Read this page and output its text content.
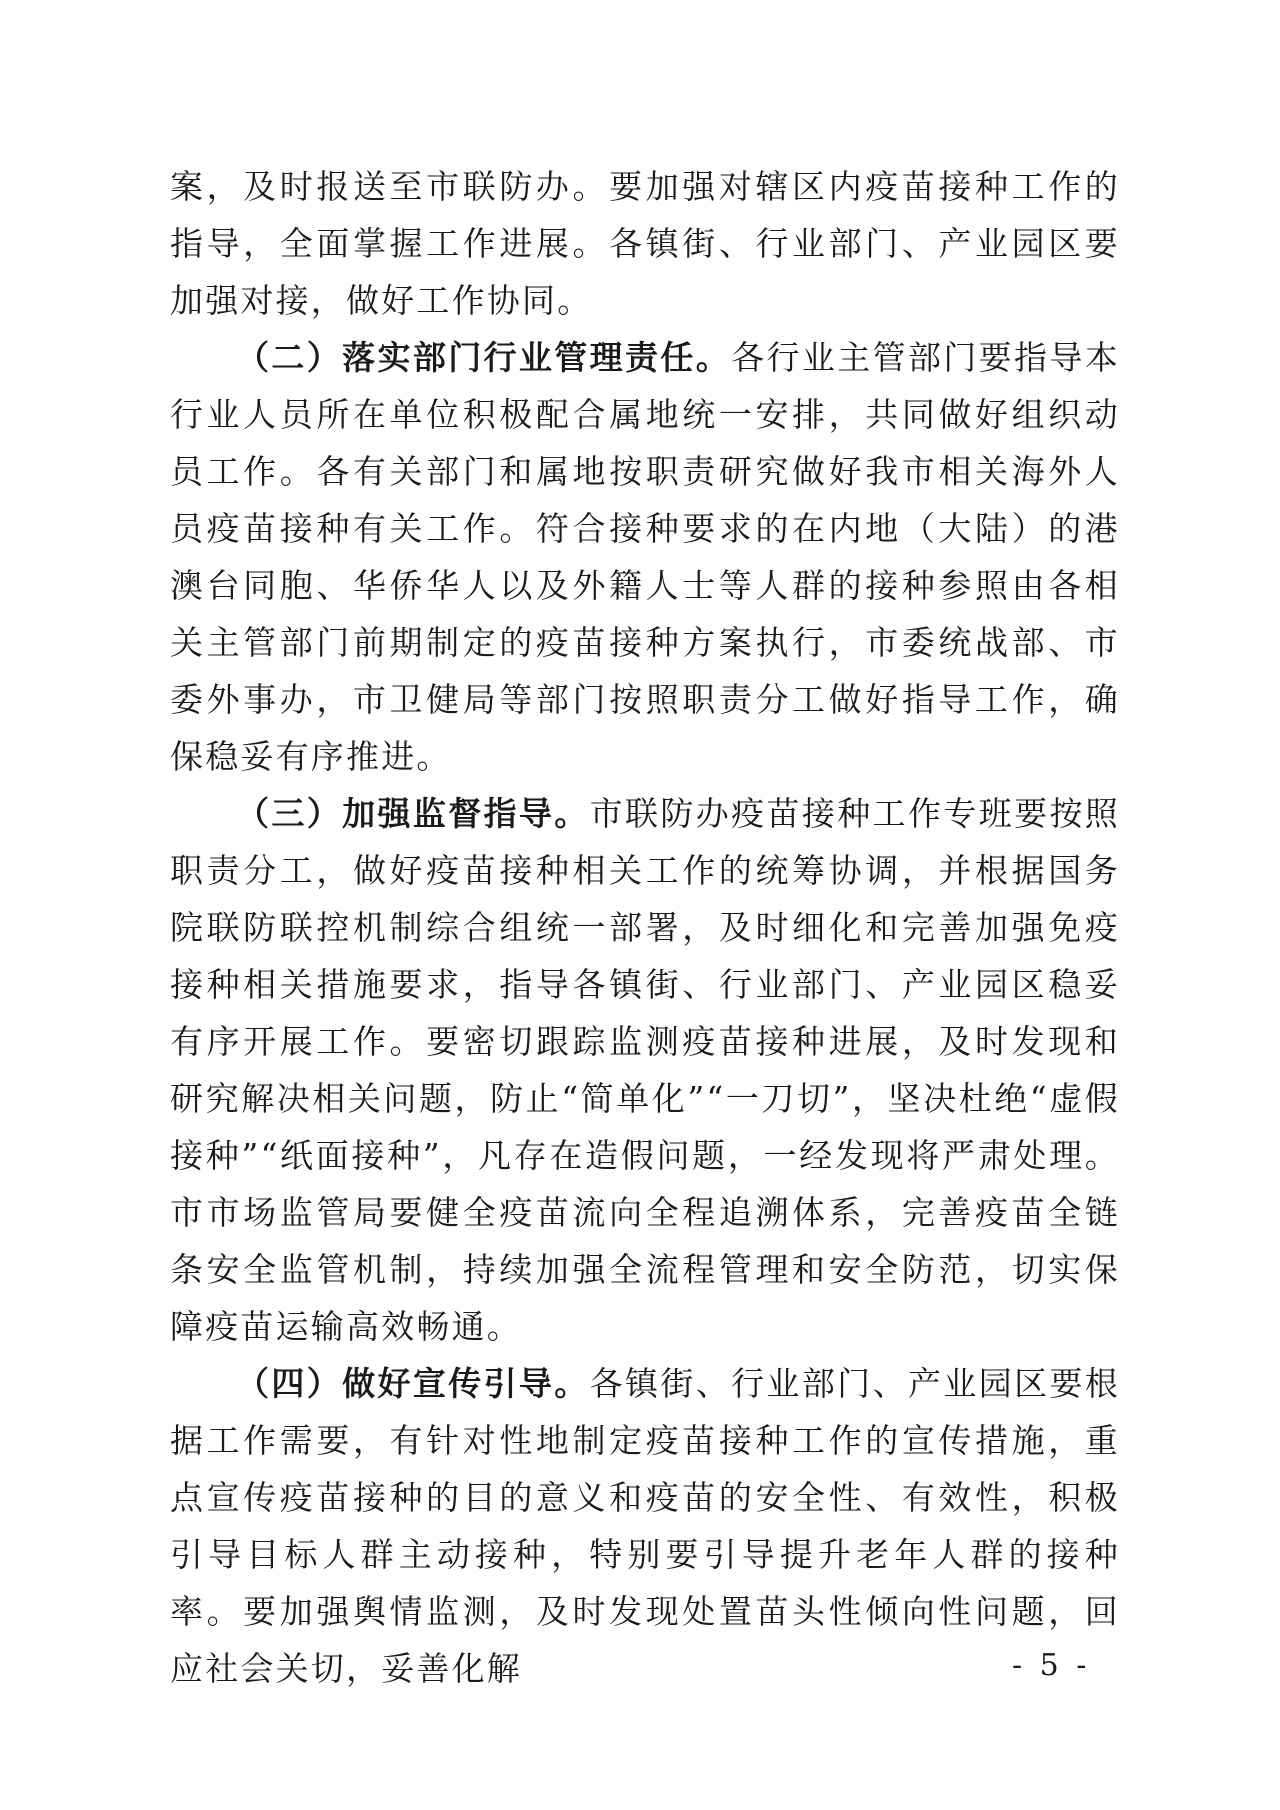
案，及时报送至市联防办。要加强对辖区内疫苗接种工作的指导，全面掌握工作进展。各镇街、行业部门、产业园区要加强对接，做好工作协同。

（二）落实部门行业管理责任。各行业主管部门要指导本行业人员所在单位积极配合属地统一安排，共同做好组织动员工作。各有关部门和属地按职责研究做好我市相关海外人员疫苗接种有关工作。符合接种要求的在内地（大陆）的港澳台同胞、华侨华人以及外籍人士等人群的接种参照由各相关主管部门前期制定的疫苗接种方案执行，市委统战部、市委外事办，市卫健局等部门按照职责分工做好指导工作，确保稳妥有序推进。

（三）加强监督指导。市联防办疫苗接种工作专班要按照职责分工，做好疫苗接种相关工作的统筹协调，并根据国务院联防联控机制综合组统一部署，及时细化和完善加强免疫接种相关措施要求，指导各镇街、行业部门、产业园区稳妥有序开展工作。要密切跟踪监测疫苗接种进展，及时发现和研究解决相关问题，防止“简单化”“一刀切”，坚决杜绝“虚假接种”“纸面接种”，凡存在造假问题，一经发现将严肃处理。市市场监管局要健全疫苗流向全程追溯体系，完善疫苗全链条安全监管机制，持续加强全流程管理和安全防范，切实保障疫苗运输高效畅通。

（四）做好宣传引导。各镇街、行业部门、产业园区要根据工作需要，有针对性地制定疫苗接种工作的宣传措施，重点宣传疫苗接种的目的意义和疫苗的安全性、有效性，积极引导目标人群主动接种，特别要引导提升老年人群的接种率。要加强舆情监测，及时发现处置苗头性倾向性问题，回应社会关切，妥善化解	- 5 -
